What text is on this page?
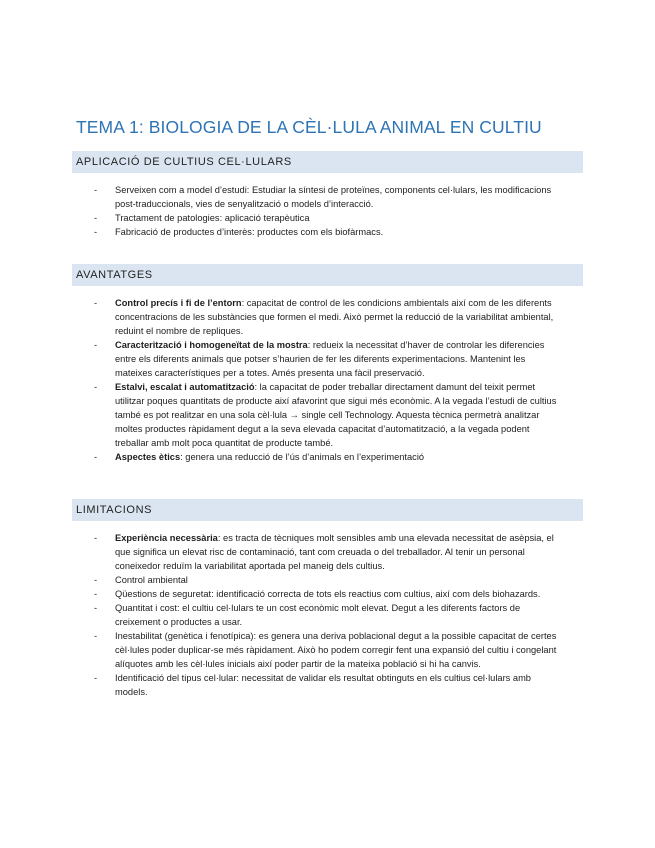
TEMA 1: BIOLOGIA DE LA CÈL·LULA ANIMAL EN CULTIU
APLICACIÓ DE CULTIUS CEL·LULARS
- Serveixen com a model d’estudi: Estudiar la síntesi de proteïnes, components cel·lulars, les modificacions post-traduccionals, vies de senyalització o models d’interacció.
- Tractament de patologies: aplicació terapèutica
- Fabricació de productes d’interès: productes com els biofàrmacs.
AVANTATGES
- Control precís i fi de l’entorn: capacitat de control de les condicions ambientals així com de les diferents concentracions de les substàncies que formen el medi. Això permet la reducció de la variabilitat ambiental, reduint el nombre de repliques.
- Caracterització i homogeneïtat de la mostra: redueix la necessitat d’haver de controlar les diferencies entre els diferents animals que potser s’haurien de fer les diferents experimentacions. Mantenint les mateixes característiques per a totes. Amés presenta una fàcil preservació.
- Estalvi, escalat i automatització: la capacitat de poder treballar directament damunt del teixit permet utilitzar poques quantitats de producte així afavorint que sigui més econòmic. A la vegada l’estudi de cultius també es pot realitzar en una sola cèl·lula → single cell Technology. Aquesta tècnica permetrà analitzar moltes productes ràpidament degut a la seva elevada capacitat d’automatització, a la vegada podent treballar amb molt poca quantitat de producte també.
- Aspectes ètics: genera una reducció de l’ús d’animals en l’experimentació
LIMITACIONS
- Experiència necessària: es tracta de tècniques molt sensibles amb una elevada necessitat de asèpsia, el que significa un elevat risc de contaminació, tant com creuada o del treballador. Al tenir un personal coneixedor reduïm la variabilitat aportada pel maneig dels cultius.
- Control ambiental
- Qüestions de seguretat: identificació correcta de tots els reactius com cultius, així com dels biohazards.
- Quantitat i cost: el cultiu cel·lulars te un cost econòmic molt elevat. Degut a les diferents factors de creixement o productes a usar.
- Inestabilitat (genètica i fenotípica): es genera una deriva poblacional degut a la possible capacitat de certes cèl·lules poder duplicar-se més ràpidament. Això ho podem corregir fent una expansió del cultiu i congelant alíquotes amb les cèl·lules inicials així poder partir de la mateixa població si hi ha canvis.
- Identificació del tipus cel·lular: necessitat de validar els resultat obtinguts en els cultius cel·lulars amb models.
